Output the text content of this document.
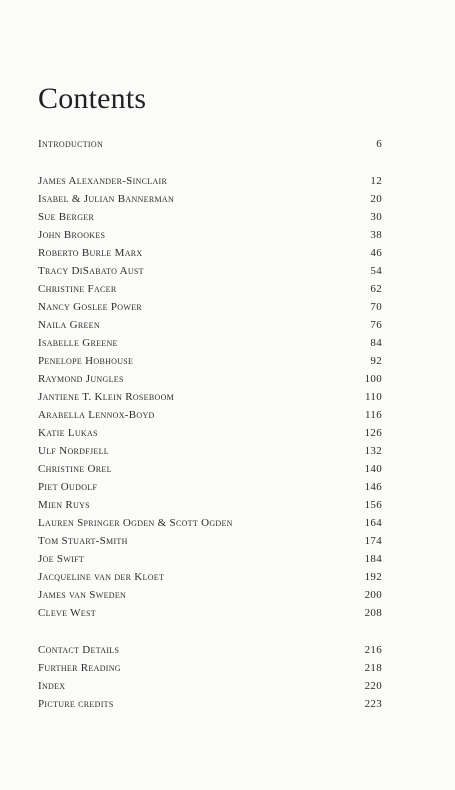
Contents
Introduction	6
James Alexander-Sinclair	12
Isabel & Julian Bannerman	20
Sue Berger	30
John Brookes	38
Roberto Burle Marx	46
Tracy DiSabato Aust	54
Christine Facer	62
Nancy Goslee Power	70
Naila Green	76
Isabelle Greene	84
Penelope Hobhouse	92
Raymond Jungles	100
Jantiene T. Klein Roseboom	110
Arabella Lennox-Boyd	116
Katie Lukas	126
Ulf Nordfjell	132
Christine Orel	140
Piet Oudolf	146
Mien Ruys	156
Lauren Springer Ogden & Scott Ogden	164
Tom Stuart-Smith	174
Joe Swift	184
Jacqueline van der Kloet	192
James van Sweden	200
Cleve West	208
Contact Details	216
Further Reading	218
Index	220
Picture credits	223
